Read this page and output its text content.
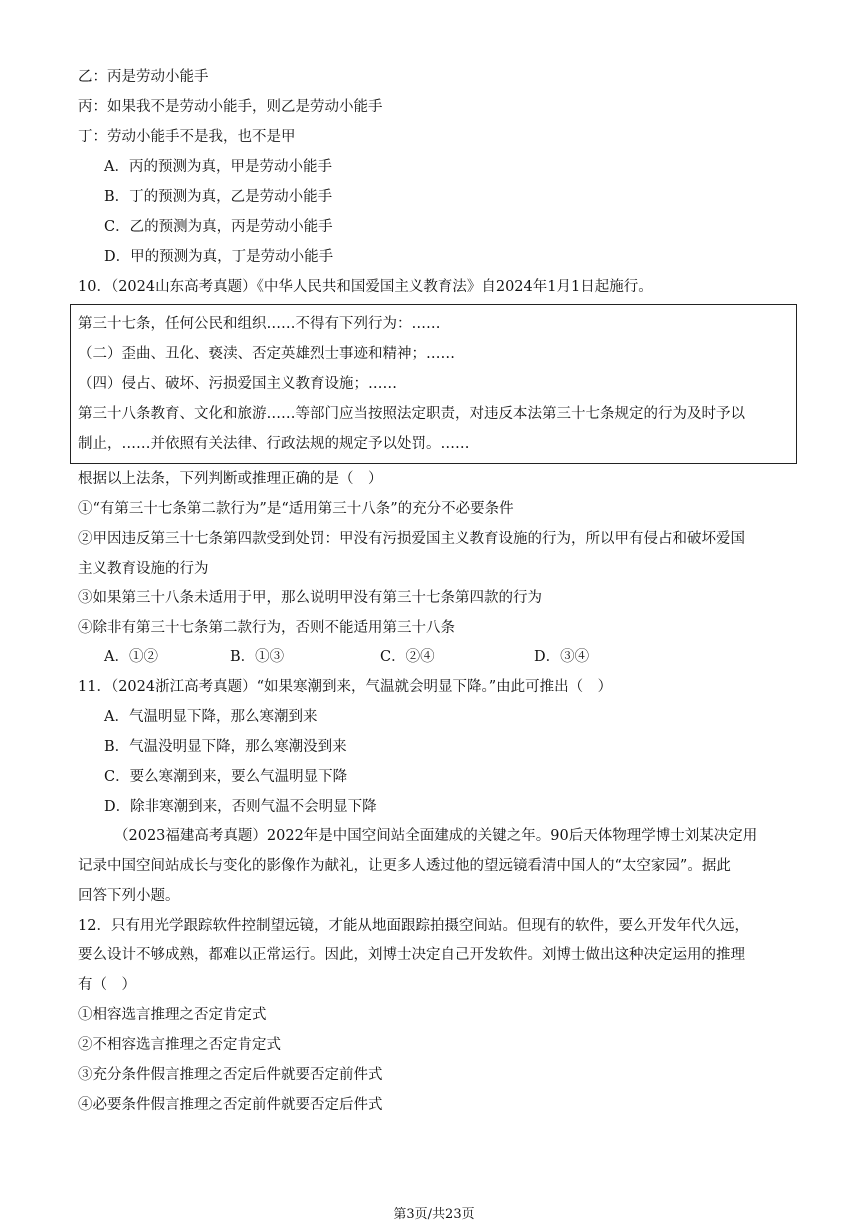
乙：丙是劳动小能手
丙：如果我不是劳动小能手，则乙是劳动小能手
丁：劳动小能手不是我，也不是甲
A．丙的预测为真，甲是劳动小能手
B．丁的预测为真，乙是劳动小能手
C．乙的预测为真，丙是劳动小能手
D．甲的预测为真，丁是劳动小能手
10．（2024山东高考真题）《中华人民共和国爱国主义教育法》自2024年1月1日起施行。
第三十七条，任何公民和组织……不得有下列行为：……
（二）歪曲、丑化、亵渎、否定英雄烈士事迹和精神；……
（四）侵占、破坏、污损爱国主义教育设施；……
第三十八条教育、文化和旅游……等部门应当按照法定职责，对违反本法第三十七条规定的行为及时予以
制止，……并依照有关法律、行政法规的规定予以处罚。……
根据以上法条，下列判断或推理正确的是（　）
①“有第三十七条第二款行为”是“适用第三十八条”的充分不必要条件
②甲因违反第三十七条第四款受到处罚：甲没有污损爱国主义教育设施的行为，所以甲有侵占和破坏爱国
主义教育设施的行为
③如果第三十八条未适用于甲，那么说明甲没有第三十七条第四款的行为
④除非有第三十七条第二款行为，否则不能适用第三十八条
A．①②	B．①③	C．②④	D．③④
11．（2024浙江高考真题）“如果寒潮到来，气温就会明显下降。”由此可推出（　）
A．气温明显下降，那么寒潮到来
B．气温没明显下降，那么寒潮没到来
C．要么寒潮到来，要么气温明显下降
D．除非寒潮到来，否则气温不会明显下降
（2023福建高考真题）2022年是中国空间站全面建成的关键之年。90后天体物理学博士刘某决定用
记录中国空间站成长与变化的影像作为献礼，让更多人透过他的望远镜看清中国人的“太空家园”。据此
回答下列小题。
12．只有用光学跟踪软件控制望远镜，才能从地面跟踪拍摄空间站。但现有的软件，要么开发年代久远，
要么设计不够成熟，都难以正常运行。因此，刘博士决定自己开发软件。刘博士做出这种决定运用的推理
有（　）
①相容选言推理之否定肯定式
②不相容选言推理之否定肯定式
③充分条件假言推理之否定后件就要否定前件式
④必要条件假言推理之否定前件就要否定后件式
第3页/共23页
